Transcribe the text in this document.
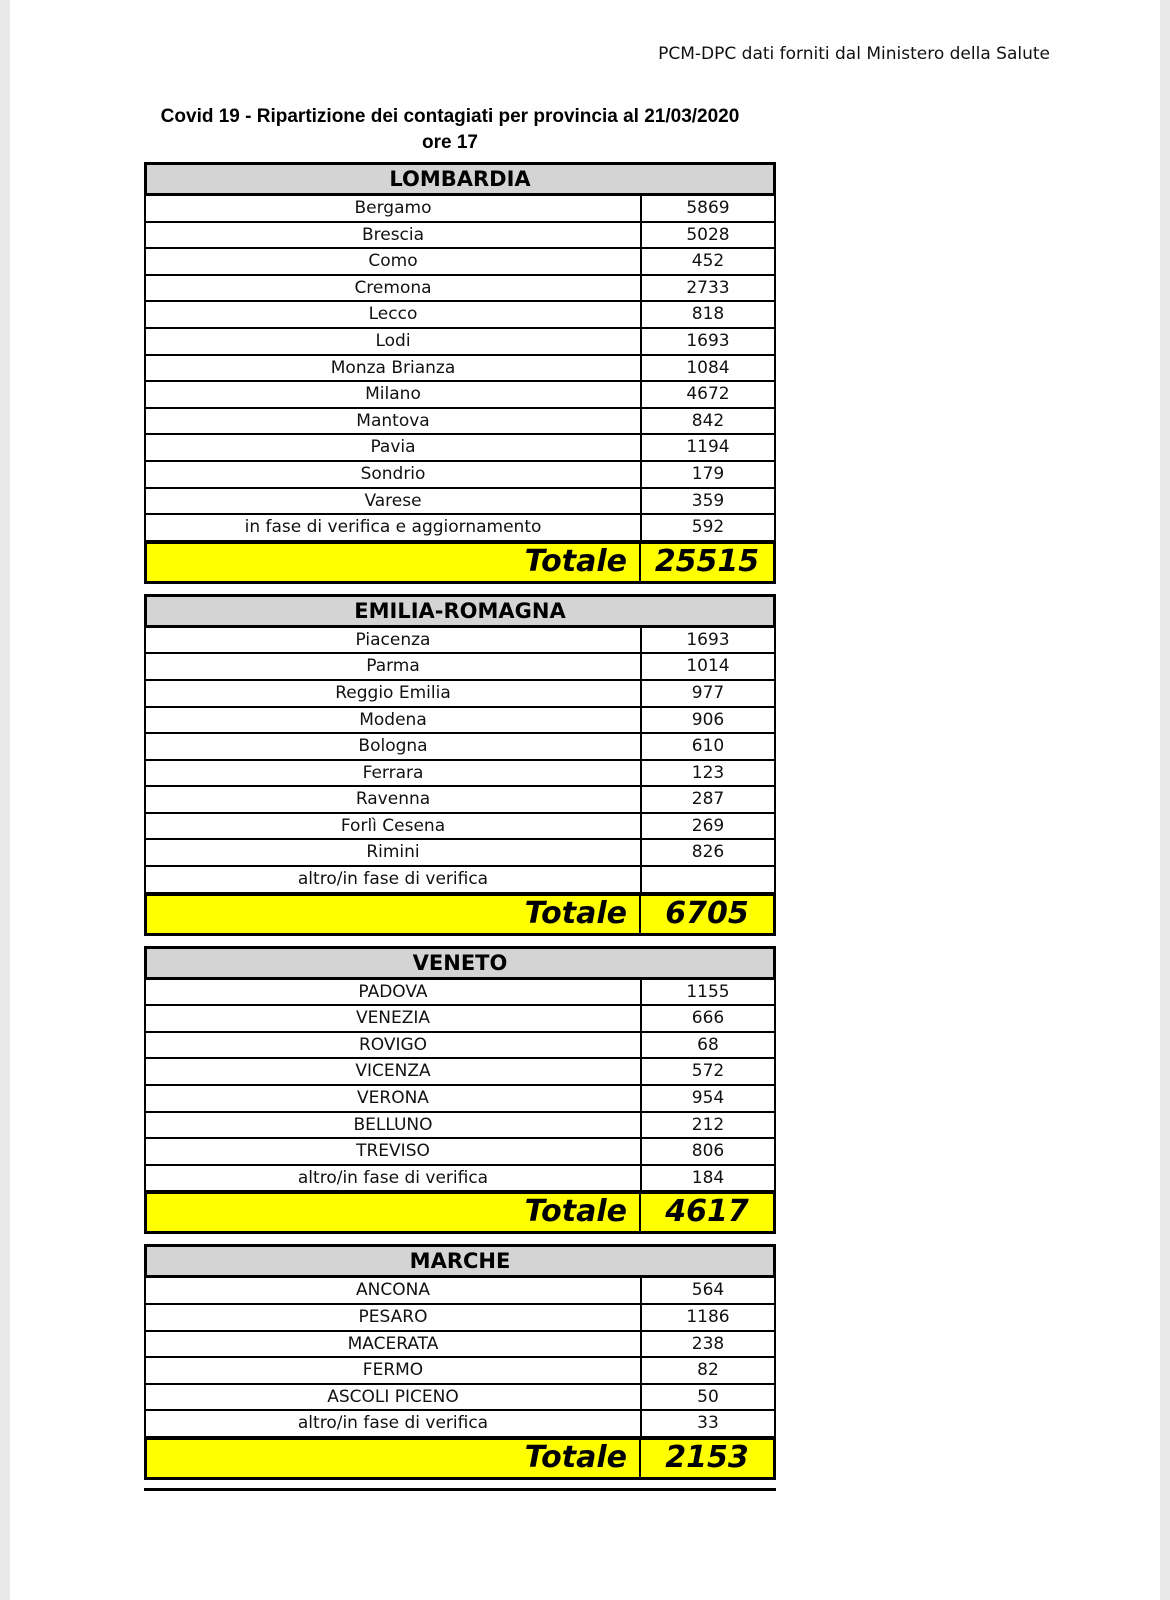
PCM-DPC dati forniti dal Ministero della Salute
Covid 19 - Ripartizione dei contagiati per provincia al 21/03/2020
ore 17
LOMBARDIA
Bergamo	5869
Brescia	5028
Como	452
Cremona	2733
Lecco	818
Lodi	1693
Monza Brianza	1084
Milano	4672
Mantova	842
Pavia	1194
Sondrio	179
Varese	359
in fase di verifica e aggiornamento	592
Totale 25515
EMILIA-ROMAGNA
Piacenza	1693
Parma	1014
Reggio Emilia	977
Modena	906
Bologna	610
Ferrara	123
Ravenna	287
Forlì Cesena	269
Rimini	826
altro/in fase di verifica
Totale	6705
VENETO
PADOVA	1155
VENEZIA	666
ROVIGO	68
VICENZA	572
VERONA	954
BELLUNO	212
TREVISO	806
altro/in fase di verifica	184
Totale	4617
MARCHE
ANCONA	564
PESARO	1186
MACERATA	238
FERMO	82
ASCOLI PICENO	50
altro/in fase di verifica	33
Totale	2153
